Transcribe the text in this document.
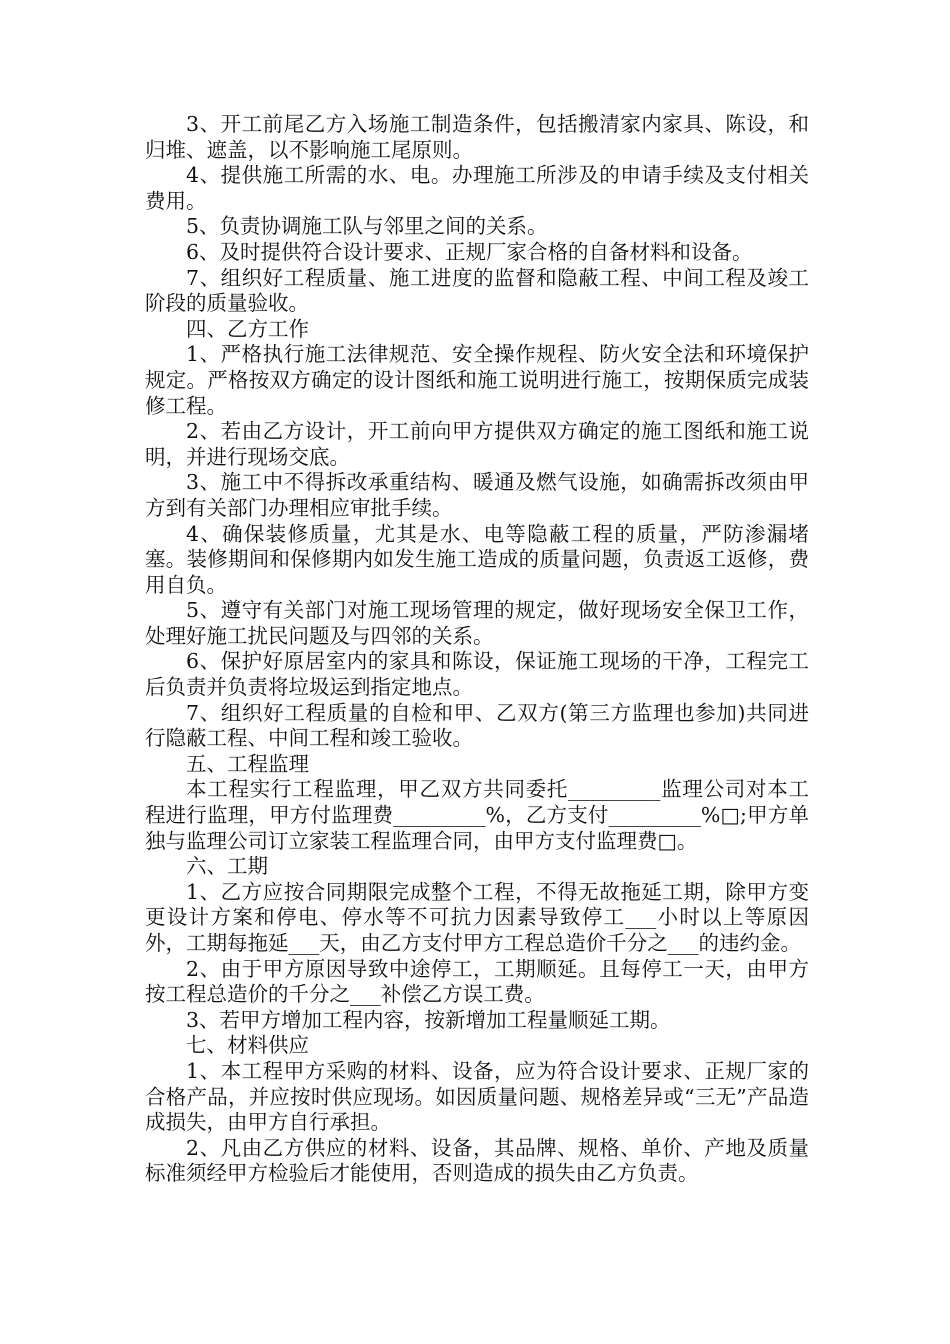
3、开工前尾乙方入场施工制造条件，包括搬清家内家具、陈设，和归堆、遮盖，以不影响施工尾原则。

4、提供施工所需的水、电。办理施工所涉及的申请手续及支付相关费用。

5、负责协调施工队与邻里之间的关系。

6、及时提供符合设计要求、正规厂家合格的自备材料和设备。

7、组织好工程质量、施工进度的监督和隐蔽工程、中间工程及竣工阶段的质量验收。

四、乙方工作

1、严格执行施工法律规范、安全操作规程、防火安全法和环境保护规定。严格按双方确定的设计图纸和施工说明进行施工，按期保质完成装修工程。

2、若由乙方设计，开工前向甲方提供双方确定的施工图纸和施工说明，并进行现场交底。

3、施工中不得拆改承重结构、暖通及燃气设施，如确需拆改须由甲方到有关部门办理相应审批手续。

4、确保装修质量，尤其是水、电等隐蔽工程的质量，严防渗漏堵塞。装修期间和保修期内如发生施工造成的质量问题，负责返工返修，费用自负。

5、遵守有关部门对施工现场管理的规定，做好现场安全保卫工作，处理好施工扰民问题及与四邻的关系。

6、保护好原居室内的家具和陈设，保证施工现场的干净，工程完工后负责并负责将垃圾运到指定地点。

7、组织好工程质量的自检和甲、乙双方(第三方监理也参加)共同进行隐蔽工程、中间工程和竣工验收。

五、工程监理

本工程实行工程监理，甲乙双方共同委托_________监理公司对本工程进行监理，甲方付监理费_________%，乙方支付_________%□;甲方单独与监理公司订立家装工程监理合同，由甲方支付监理费□。

六、工期

1、乙方应按合同期限完成整个工程，不得无故拖延工期，除甲方变更设计方案和停电、停水等不可抗力因素导致停工___小时以上等原因外，工期每拖延___天，由乙方支付甲方工程总造价千分之___的违约金。

2、由于甲方原因导致中途停工，工期顺延。且每停工一天，由甲方按工程总造价的千分之___补偿乙方误工费。

3、若甲方增加工程内容，按新增加工程量顺延工期。

七、材料供应

1、本工程甲方采购的材料、设备，应为符合设计要求、正规厂家的合格产品，并应按时供应现场。如因质量问题、规格差异或“三无”产品造成损失，由甲方自行承担。

2、凡由乙方供应的材料、设备，其品牌、规格、单价、产地及质量标准须经甲方检验后才能使用，否则造成的损失由乙方负责。
